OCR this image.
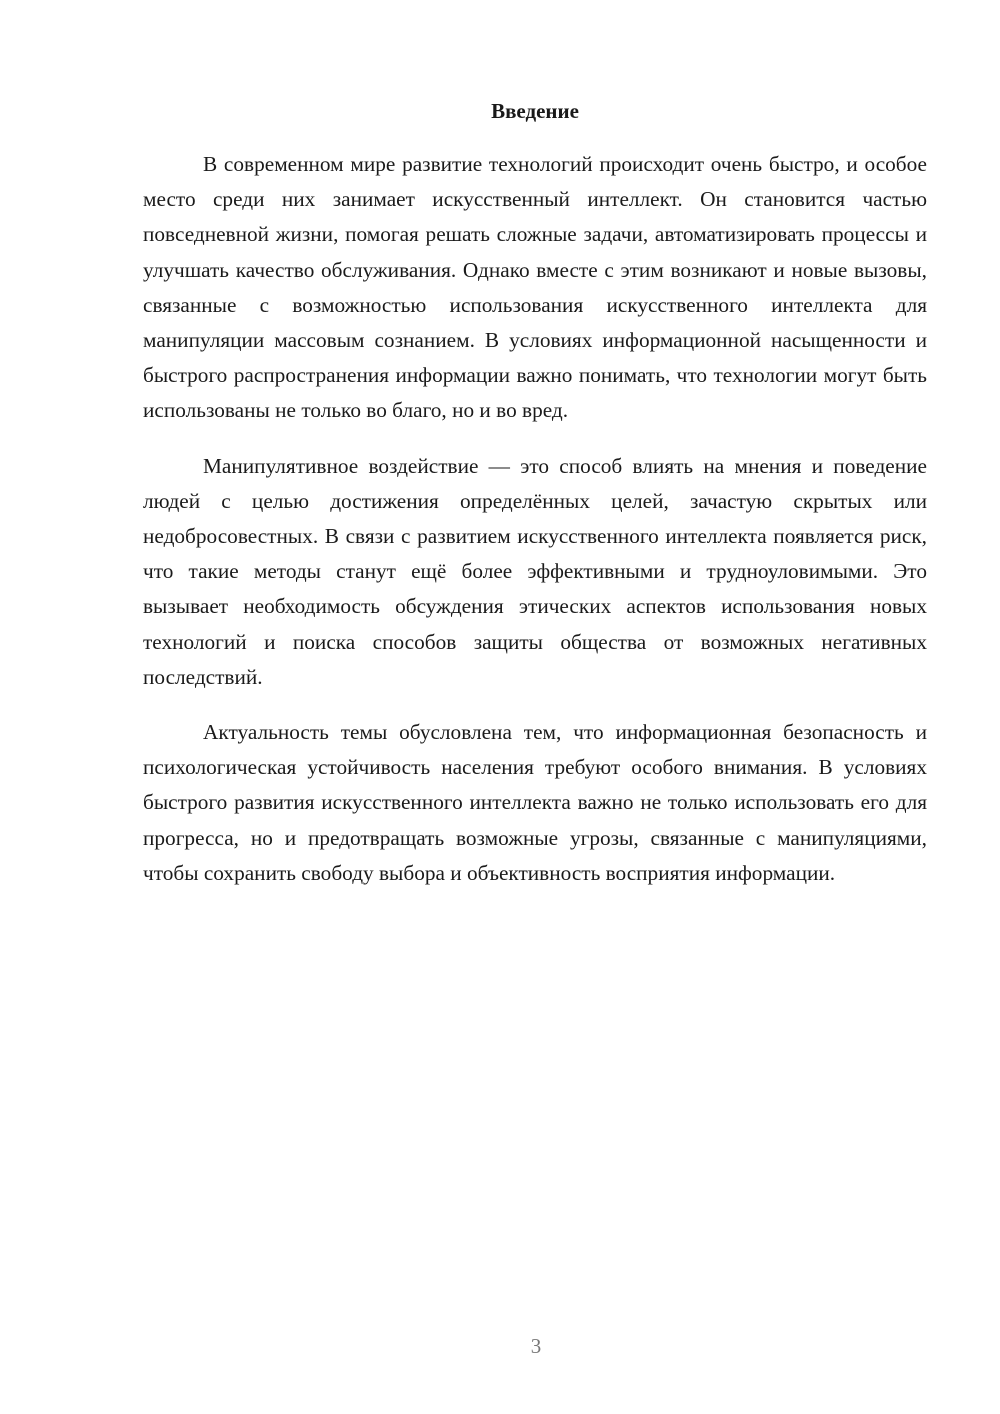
Введение

В современном мире развитие технологий происходит очень быстро, и особое место среди них занимает искусственный интеллект. Он становится частью повседневной жизни, помогая решать сложные задачи, автоматизировать процессы и улучшать качество обслуживания. Однако вместе с этим возникают и новые вызовы, связанные с возможностью использования искусственного интеллекта для манипуляции массовым сознанием. В условиях информационной насыщенности и быстрого распространения информации важно понимать, что технологии могут быть использованы не только во благо, но и во вред.

Манипулятивное воздействие — это способ влиять на мнения и поведение людей с целью достижения определённых целей, зачастую скрытых или недобросовестных. В связи с развитием искусственного интеллекта появляется риск, что такие методы станут ещё более эффективными и трудноуловимыми. Это вызывает необходимость обсуждения этических аспектов использования новых технологий и поиска способов защиты общества от возможных негативных последствий.

Актуальность темы обусловлена тем, что информационная безопасность и психологическая устойчивость населения требуют особого внимания. В условиях быстрого развития искусственного интеллекта важно не только использовать его для прогресса, но и предотвращать возможные угрозы, связанные с манипуляциями, чтобы сохранить свободу выбора и объективность восприятия информации.

3
